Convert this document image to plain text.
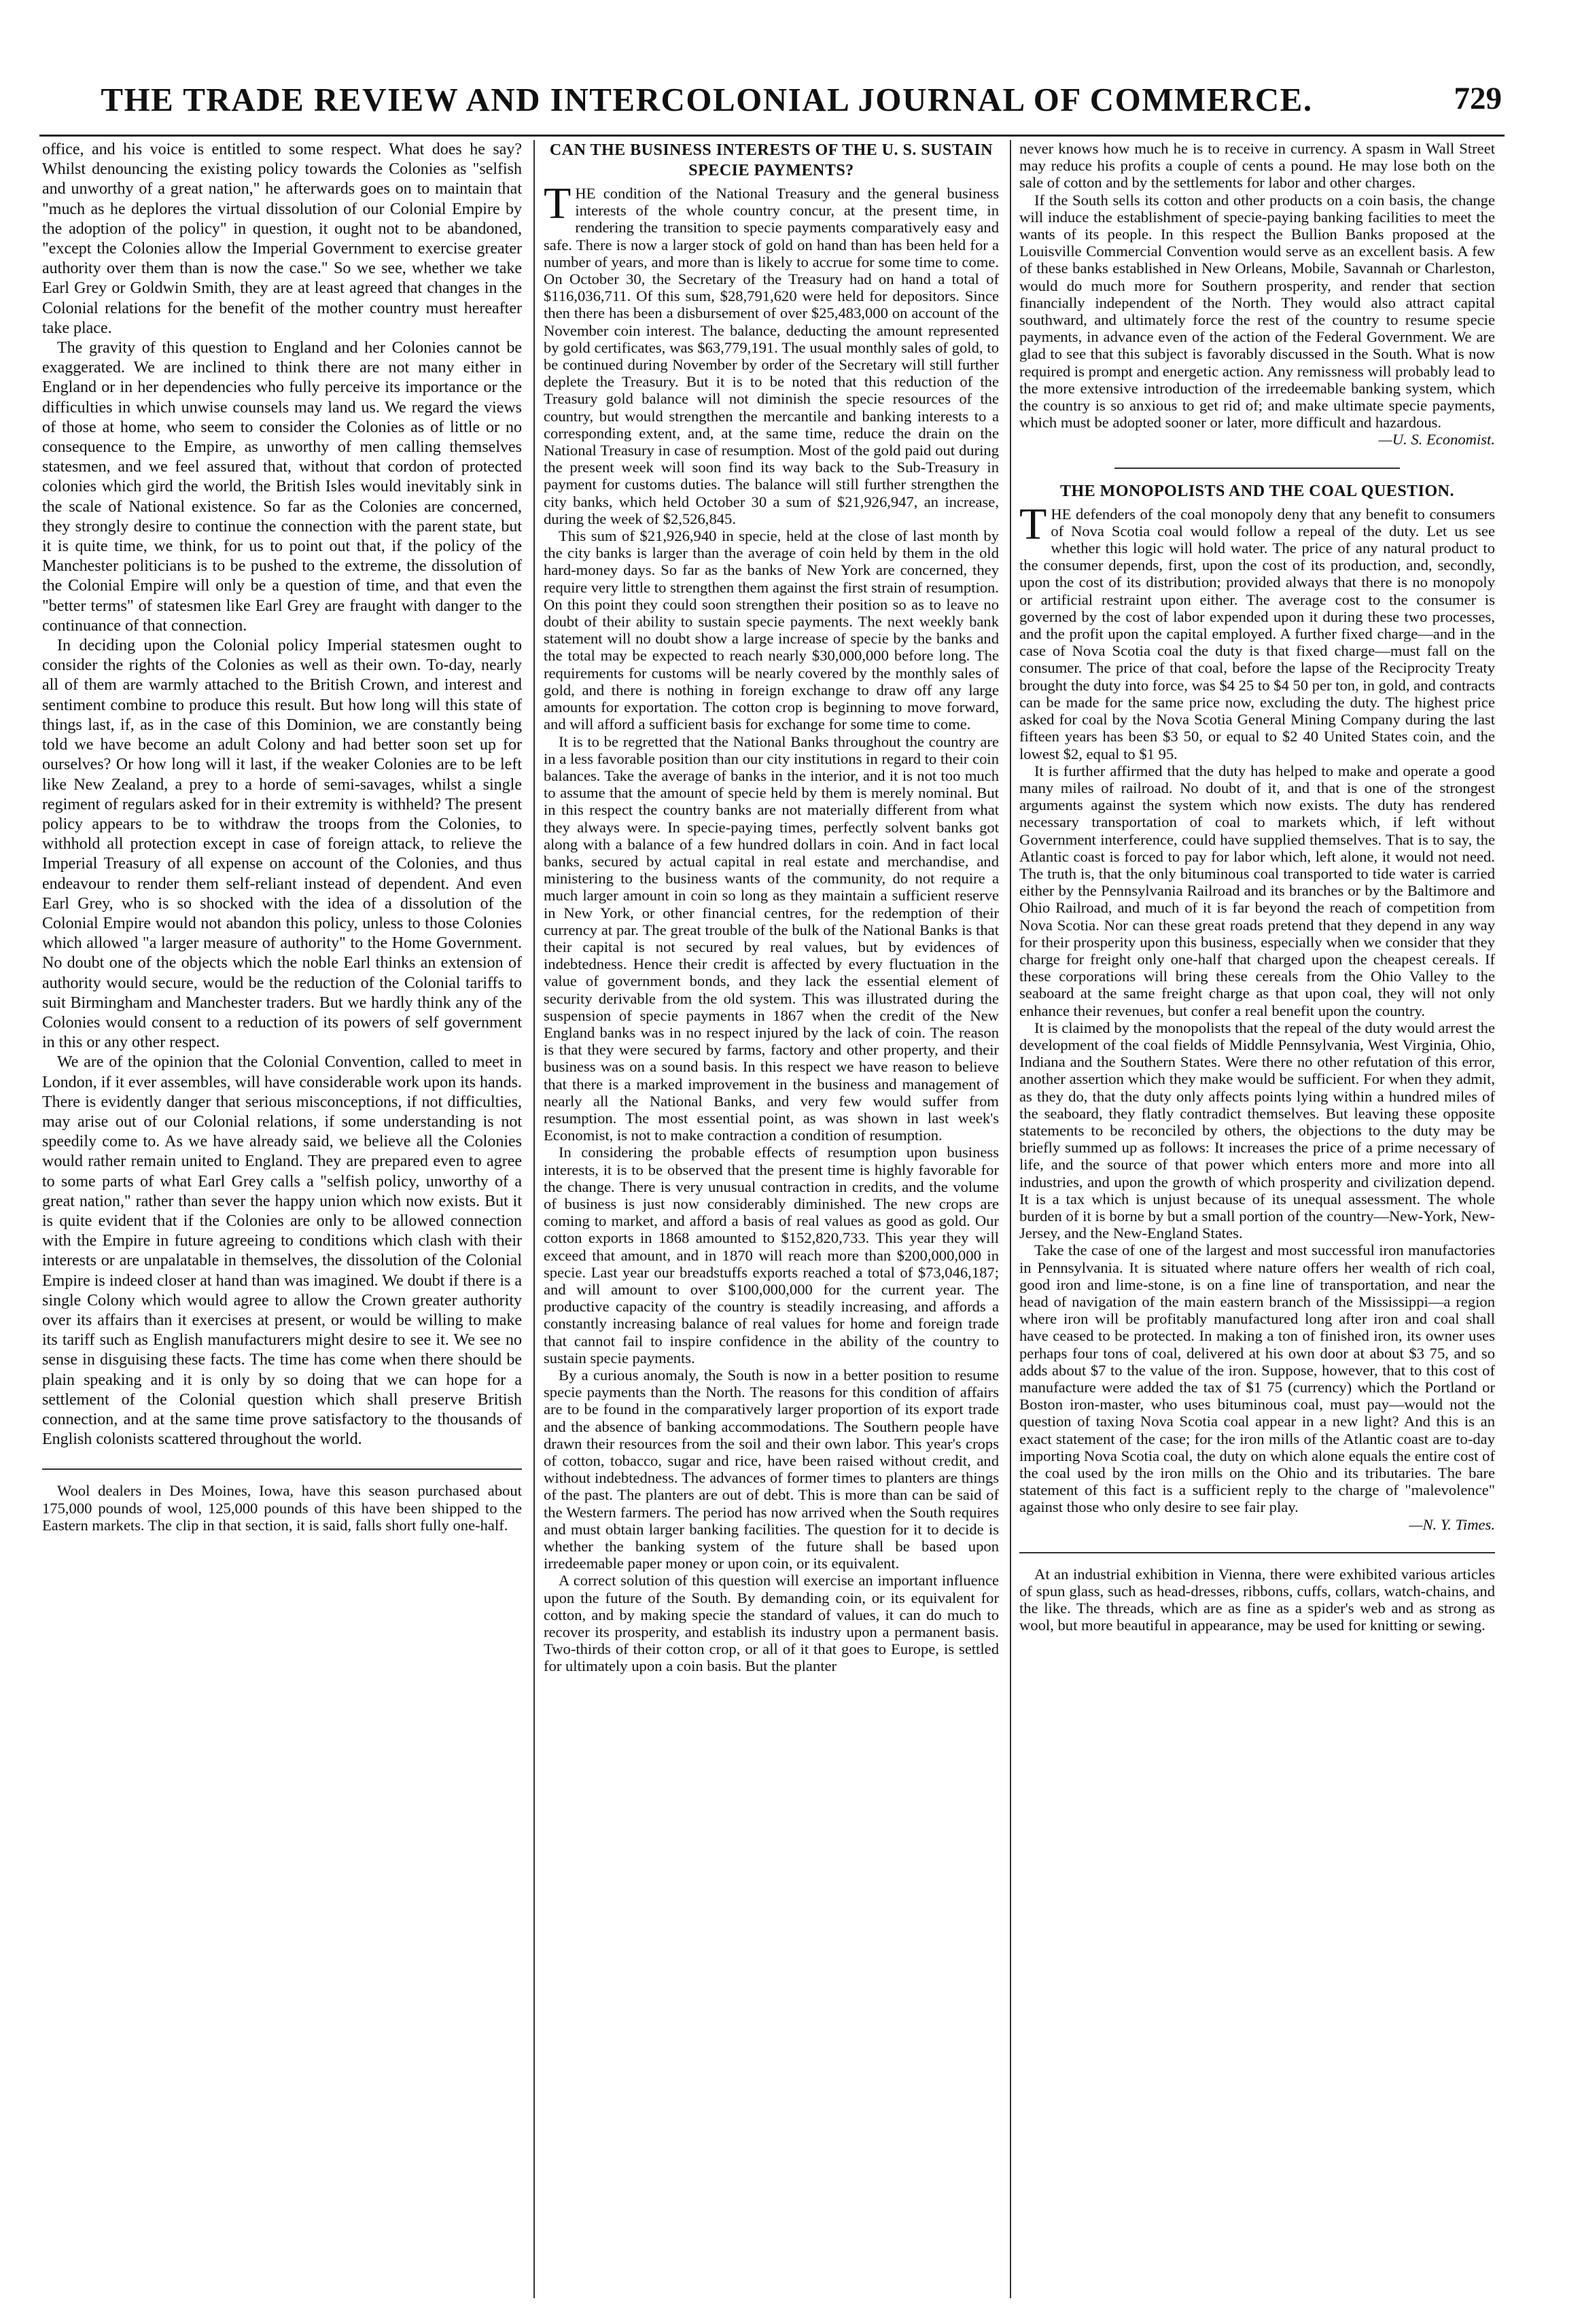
THE TRADE REVIEW AND INTERCOLONIAL JOURNAL OF COMMERCE.	729

office, and his voice is entitled to some respect. What does he say? Whilst denouncing the existing policy towards the Colonies as "selfish and unworthy of a great nation," he afterwards goes on to maintain that "much as he deplores the virtual dissolution of our Colonial Empire by the adoption of the policy" in question, it ought not to be abandoned, "except the Colonies allow the Imperial Government to exercise greater authority over them than is now the case." So we see, whether we take Earl Grey or Goldwin Smith, they are at least agreed that changes in the Colonial relations for the benefit of the mother country must hereafter take place.

The gravity of this question to England and her Colonies cannot be exaggerated. We are inclined to think there are not many either in England or in her dependencies who fully perceive its importance or the difficulties in which unwise counsels may land us. We regard the views of those at home, who seem to consider the Colonies as of little or no consequence to the Empire, as unworthy of men calling themselves statesmen, and we feel assured that, without that cordon of protected colonies which gird the world, the British Isles would inevitably sink in the scale of National existence. So far as the Colonies are concerned, they strongly desire to continue the connection with the parent state, but it is quite time, we think, for us to point out that, if the policy of the Manchester politicians is to be pushed to the extreme, the dissolution of the Colonial Empire will only be a question of time, and that even the "better terms" of statesmen like Earl Grey are fraught with danger to the continuance of that connection.

In deciding upon the Colonial policy Imperial statesmen ought to consider the rights of the Colonies as well as their own. To-day, nearly all of them are warmly attached to the British Crown, and interest and sentiment combine to produce this result. But how long will this state of things last, if, as in the case of this Dominion, we are constantly being told we have become an adult Colony and had better soon set up for ourselves? Or how long will it last, if the weaker Colonies are to be left like New Zealand, a prey to a horde of semi-savages, whilst a single regiment of regulars asked for in their extremity is withheld? The present policy appears to be to withdraw the troops from the Colonies, to withhold all protection except in case of foreign attack, to relieve the Imperial Treasury of all expense on account of the Colonies, and thus endeavour to render them self-reliant instead of dependent. And even Earl Grey, who is so shocked with the idea of a dissolution of the Colonial Empire would not abandon this policy, unless to those Colonies which allowed "a larger measure of authority" to the Home Government. No doubt one of the objects which the noble Earl thinks an extension of authority would secure, would be the reduction of the Colonial tariffs to suit Birmingham and Manchester traders. But we hardly think any of the Colonies would consent to a reduction of its powers of self government in this or any other respect.

We are of the opinion that the Colonial Convention, called to meet in London, if it ever assembles, will have considerable work upon its hands. There is evidently danger that serious misconceptions, if not difficulties, may arise out of our Colonial relations, if some understanding is not speedily come to. As we have already said, we believe all the Colonies would rather remain united to England. They are prepared even to agree to some parts of what Earl Grey calls a "selfish policy, unworthy of a great nation," rather than sever the happy union which now exists. But it is quite evident that if the Colonies are only to be allowed connection with the Empire in future agreeing to conditions which clash with their interests or are unpalatable in themselves, the dissolution of the Colonial Empire is indeed closer at hand than was imagined. We doubt if there is a single Colony which would agree to allow the Crown greater authority over its affairs than it exercises at present, or would be willing to make its tariff such as English manufacturers might desire to see it. We see no sense in disguising these facts. The time has come when there should be plain speaking and it is only by so doing that we can hope for a settlement of the Colonial question which shall preserve British connection, and at the same time prove satisfactory to the thousands of English colonists scattered throughout the world.

Wool dealers in Des Moines, Iowa, have this season purchased about 175,000 pounds of wool, 125,000 pounds of this have been shipped to the Eastern markets. The clip in that section, it is said, falls short fully one-half.

CAN THE BUSINESS INTERESTS OF THE U. S. SUSTAIN SPECIE PAYMENTS?

THE condition of the National Treasury and the general business interests of the whole country concur, at the present time, in rendering the transition to specie payments comparatively easy and safe. There is now a larger stock of gold on hand than has been held for a number of years, and more than is likely to accrue for some time to come. On October 30, the Secretary of the Treasury had on hand a total of $116,036,711. Of this sum, $28,791,620 were held for depositors. Since then there has been a disbursement of over $25,483,000 on account of the November coin interest. The balance, deducting the amount represented by gold certificates, was $63,779,191. The usual monthly sales of gold, to be continued during November by order of the Secretary will still further deplete the Treasury. But it is to be noted that this reduction of the Treasury gold balance will not diminish the specie resources of the country, but would strengthen the mercantile and banking interests to a corresponding extent, and, at the same time, reduce the drain on the National Treasury in case of resumption. Most of the gold paid out during the present week will soon find its way back to the Sub-Treasury in payment for customs duties. The balance will still further strengthen the city banks, which held October 30 a sum of $21,926,947, an increase, during the week of $2,526,845.

This sum of $21,926,940 in specie, held at the close of last month by the city banks is larger than the average of coin held by them in the old hard-money days. So far as the banks of New York are concerned, they require very little to strengthen them against the first strain of resumption. On this point they could soon strengthen their position so as to leave no doubt of their ability to sustain specie payments. The next weekly bank statement will no doubt show a large increase of specie by the banks and the total may be expected to reach nearly $30,000,000 before long. The requirements for customs will be nearly covered by the monthly sales of gold, and there is nothing in foreign exchange to draw off any large amounts for exportation. The cotton crop is beginning to move forward, and will afford a sufficient basis for exchange for some time to come.

It is to be regretted that the National Banks throughout the country are in a less favorable position than our city institutions in regard to their coin balances. Take the average of banks in the interior, and it is not too much to assume that the amount of specie held by them is merely nominal. But in this respect the country banks are not materially different from what they always were. In specie-paying times, perfectly solvent banks got along with a balance of a few hundred dollars in coin. And in fact local banks, secured by actual capital in real estate and merchandise, and ministering to the business wants of the community, do not require a much larger amount in coin so long as they maintain a sufficient reserve in New York, or other financial centres, for the redemption of their currency at par. The great trouble of the bulk of the National Banks is that their capital is not secured by real values, but by evidences of indebtedness. Hence their credit is affected by every fluctuation in the value of government bonds, and they lack the essential element of security derivable from the old system. This was illustrated during the suspension of specie payments in 1867 when the credit of the New England banks was in no respect injured by the lack of coin. The reason is that they were secured by farms, factory and other property, and their business was on a sound basis. In this respect we have reason to believe that there is a marked improvement in the business and management of nearly all the National Banks, and very few would suffer from resumption. The most essential point, as was shown in last week's Economist, is not to make contraction a condition of resumption.

In considering the probable effects of resumption upon business interests, it is to be observed that the present time is highly favorable for the change. There is very unusual contraction in credits, and the volume of business is just now considerably diminished. The new crops are coming to market, and afford a basis of real values as good as gold. Our cotton exports in 1868 amounted to $152,820,733. This year they will exceed that amount, and in 1870 will reach more than $200,000,000 in specie. Last year our breadstuffs exports reached a total of $73,046,187; and will amount to over $100,000,000 for the current year. The productive capacity of the country is steadily increasing, and affords a constantly increasing balance of real values for home and foreign trade that cannot fail to inspire confidence in the ability of the country to sustain specie payments.

By a curious anomaly, the South is now in a better position to resume specie payments than the North. The reasons for this condition of affairs are to be found in the comparatively larger proportion of its export trade and the absence of banking accommodations. The Southern people have drawn their resources from the soil and their own labor. This year's crops of cotton, tobacco, sugar and rice, have been raised without credit, and without indebtedness. The advances of former times to planters are things of the past. The planters are out of debt. This is more than can be said of the Western farmers. The period has now arrived when the South requires and must obtain larger banking facilities. The question for it to decide is whether the banking system of the future shall be based upon irredeemable paper money or upon coin, or its equivalent.

A correct solution of this question will exercise an important influence upon the future of the South. By demanding coin, or its equivalent for cotton, and by making specie the standard of values, it can do much to recover its prosperity, and establish its industry upon a permanent basis. Two-thirds of their cotton crop, or all of it that goes to Europe, is settled for ultimately upon a coin basis. But the planter

never knows how much he is to receive in currency. A spasm in Wall Street may reduce his profits a couple of cents a pound. He may lose both on the sale of cotton and by the settlements for labor and other charges.

If the South sells its cotton and other products on a coin basis, the change will induce the establishment of specie-paying banking facilities to meet the wants of its people. In this respect the Bullion Banks proposed at the Louisville Commercial Convention would serve as an excellent basis. A few of these banks established in New Orleans, Mobile, Savannah or Charleston, would do much more for Southern prosperity, and render that section financially independent of the North. They would also attract capital southward, and ultimately force the rest of the country to resume specie payments, in advance even of the action of the Federal Government. We are glad to see that this subject is favorably discussed in the South. What is now required is prompt and energetic action. Any remissness will probably lead to the more extensive introduction of the irredeemable banking system, which the country is so anxious to get rid of; and make ultimate specie payments, which must be adopted sooner or later, more difficult and hazardous.

—U. S. Economist.

THE MONOPOLISTS AND THE COAL QUESTION.

THE defenders of the coal monopoly deny that any benefit to consumers of Nova Scotia coal would follow a repeal of the duty. Let us see whether this logic will hold water. The price of any natural product to the consumer depends, first, upon the cost of its production, and, secondly, upon the cost of its distribution; provided always that there is no monopoly or artificial restraint upon either. The average cost to the consumer is governed by the cost of labor expended upon it during these two processes, and the profit upon the capital employed. A further fixed charge—and in the case of Nova Scotia coal the duty is that fixed charge—must fall on the consumer. The price of that coal, before the lapse of the Reciprocity Treaty brought the duty into force, was $4 25 to $4 50 per ton, in gold, and contracts can be made for the same price now, excluding the duty. The highest price asked for coal by the Nova Scotia General Mining Company during the last fifteen years has been $3 50, or equal to $2 40 United States coin, and the lowest $2, equal to $1 95.

It is further affirmed that the duty has helped to make and operate a good many miles of railroad. No doubt of it, and that is one of the strongest arguments against the system which now exists. The duty has rendered necessary transportation of coal to markets which, if left without Government interference, could have supplied themselves. That is to say, the Atlantic coast is forced to pay for labor which, left alone, it would not need. The truth is, that the only bituminous coal transported to tide water is carried either by the Pennsylvania Railroad and its branches or by the Baltimore and Ohio Railroad, and much of it is far beyond the reach of competition from Nova Scotia. Nor can these great roads pretend that they depend in any way for their prosperity upon this business, especially when we consider that they charge for freight only one-half that charged upon the cheapest cereals. If these corporations will bring these cereals from the Ohio Valley to the seaboard at the same freight charge as that upon coal, they will not only enhance their revenues, but confer a real benefit upon the country.

It is claimed by the monopolists that the repeal of the duty would arrest the development of the coal fields of Middle Pennsylvania, West Virginia, Ohio, Indiana and the Southern States. Were there no other refutation of this error, another assertion which they make would be sufficient. For when they admit, as they do, that the duty only affects points lying within a hundred miles of the seaboard, they flatly contradict themselves. But leaving these opposite statements to be reconciled by others, the objections to the duty may be briefly summed up as follows: It increases the price of a prime necessary of life, and the source of that power which enters more and more into all industries, and upon the growth of which prosperity and civilization depend. It is a tax which is unjust because of its unequal assessment. The whole burden of it is borne by but a small portion of the country—New-York, New-Jersey, and the New-England States.

Take the case of one of the largest and most successful iron manufactories in Pennsylvania. It is situated where nature offers her wealth of rich coal, good iron and lime-stone, is on a fine line of transportation, and near the head of navigation of the main eastern branch of the Mississippi—a region where iron will be profitably manufactured long after iron and coal shall have ceased to be protected. In making a ton of finished iron, its owner uses perhaps four tons of coal, delivered at his own door at about $3 75, and so adds about $7 to the value of the iron. Suppose, however, that to this cost of manufacture were added the tax of $1 75 (currency) which the Portland or Boston iron-master, who uses bituminous coal, must pay—would not the question of taxing Nova Scotia coal appear in a new light? And this is an exact statement of the case; for the iron mills of the Atlantic coast are to-day importing Nova Scotia coal, the duty on which alone equals the entire cost of the coal used by the iron mills on the Ohio and its tributaries. The bare statement of this fact is a sufficient reply to the charge of "malevolence" against those who only desire to see fair play.

—N. Y. Times.

At an industrial exhibition in Vienna, there were exhibited various articles of spun glass, such as head-dresses, ribbons, cuffs, collars, watch-chains, and the like. The threads, which are as fine as a spider's web and as strong as wool, but more beautiful in appearance, may be used for knitting or sewing.
